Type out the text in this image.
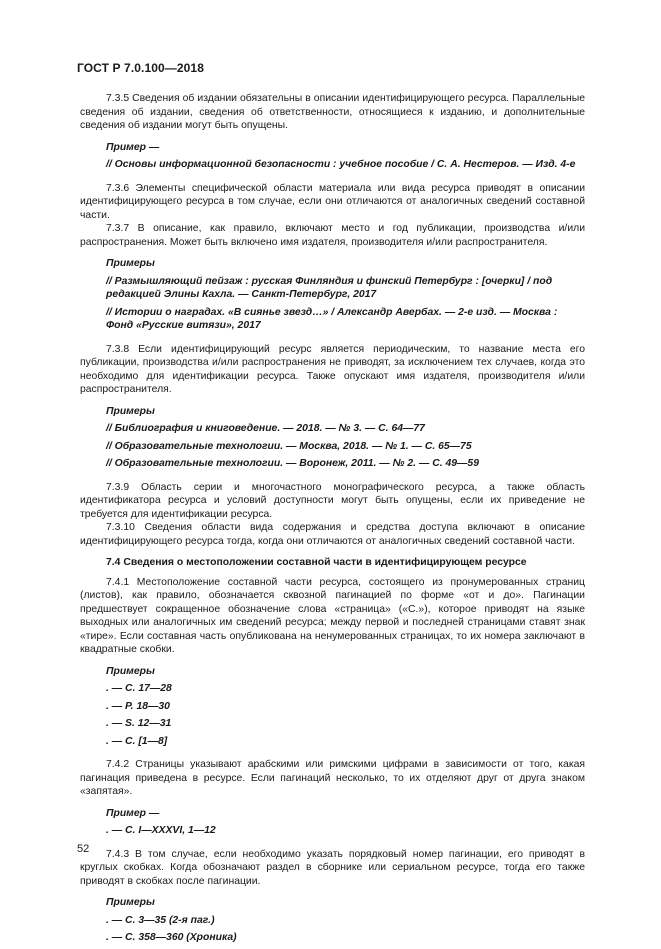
ГОСТ Р 7.0.100—2018

7.3.5 Сведения об издании обязательны в описании идентифицирующего ресурса. Параллельные сведения об издании, сведения об ответственности, относящиеся к изданию, и дополнительные сведения об издании могут быть опущены.

Пример —
// Основы информационной безопасности : учебное пособие / С. А. Нестеров. — Изд. 4-е

7.3.6 Элементы специфической области материала или вида ресурса приводят в описании идентифицирующего ресурса в том случае, если они отличаются от аналогичных сведений составной части.

7.3.7 В описание, как правило, включают место и год публикации, производства и/или распространения. Может быть включено имя издателя, производителя и/или распространителя.

Примеры
// Размышляющий пейзаж : русская Финляндия и финский Петербург : [очерки] / под редакцией Элины Кахла. — Санкт-Петербург, 2017
// Истории о наградах. «В сиянье звезд…» / Александр Авербах. — 2-е изд. — Москва : Фонд «Русские витязи», 2017

7.3.8 Если идентифицирующий ресурс является периодическим, то название места его публикации, производства и/или распространения не приводят, за исключением тех случаев, когда это необходимо для идентификации ресурса. Также опускают имя издателя, производителя и/или распространителя.

Примеры
// Библиография и книговедение. — 2018. — № 3. — С. 64—77
// Образовательные технологии. — Москва, 2018. — № 1. — С. 65—75
// Образовательные технологии. — Воронеж, 2011. — № 2. — С. 49—59

7.3.9 Область серии и многочастного монографического ресурса, а также область идентификатора ресурса и условий доступности могут быть опущены, если их приведение не требуется для идентификации ресурса.

7.3.10 Сведения области вида содержания и средства доступа включают в описание идентифицирующего ресурса тогда, когда они отличаются от аналогичных сведений составной части.

7.4 Сведения о местоположении составной части в идентифицирующем ресурсе

7.4.1 Местоположение составной части ресурса, состоящего из пронумерованных страниц (листов), как правило, обозначается сквозной пагинацией по форме «от и до». Пагинации предшествует сокращенное обозначение слова «страница» («С.»), которое приводят на языке выходных или аналогичных им сведений ресурса; между первой и последней страницами ставят знак «тире». Если составная часть опубликована на ненумерованных страницах, то их номера заключают в квадратные скобки.

Примеры
. — С. 17—28
. — Р. 18—30
. — S. 12—31
. — С. [1—8]

7.4.2 Страницы указывают арабскими или римскими цифрами в зависимости от того, какая пагинация приведена в ресурсе. Если пагинаций несколько, то их отделяют друг от друга знаком «запятая».

Пример —
. — С. I—XXXVI, 1—12

7.4.3 В том случае, если необходимо указать порядковый номер пагинации, его приводят в круглых скобках. Когда обозначают раздел в сборнике или сериальном ресурсе, тогда его также приводят в скобках после пагинации.

Примеры
. — С. 3—35 (2-я паг.)
. — С. 358—360 (Хроника)
52
